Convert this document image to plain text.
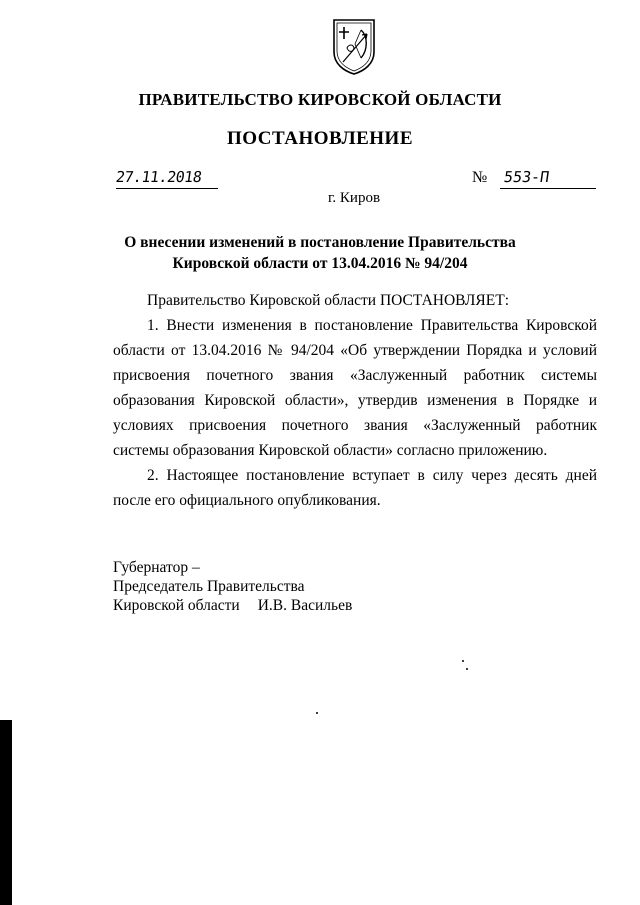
ПРАВИТЕЛЬСТВО КИРОВСКОЙ ОБЛАСТИ
ПОСТАНОВЛЕНИЕ
27.11.2018	№ 553-П
г. Киров
О внесении изменений в постановление Правительства
Кировской области от 13.04.2016 № 94/204

Правительство Кировской области ПОСТАНОВЛЯЕТ:

1. Внести изменения в постановление Правительства Кировской области от 13.04.2016 № 94/204 «Об утверждении Порядка и условий присвоения почетного звания «Заслуженный работник системы образования Кировской области», утвердив изменения в Порядке и условиях присвоения почетного звания «Заслуженный работник системы образования Кировской области» согласно приложению.

2. Настоящее постановление вступает в силу через десять дней после его официального опубликования.

Губернатор –
Председатель Правительства
Кировской области И.В. Васильев
